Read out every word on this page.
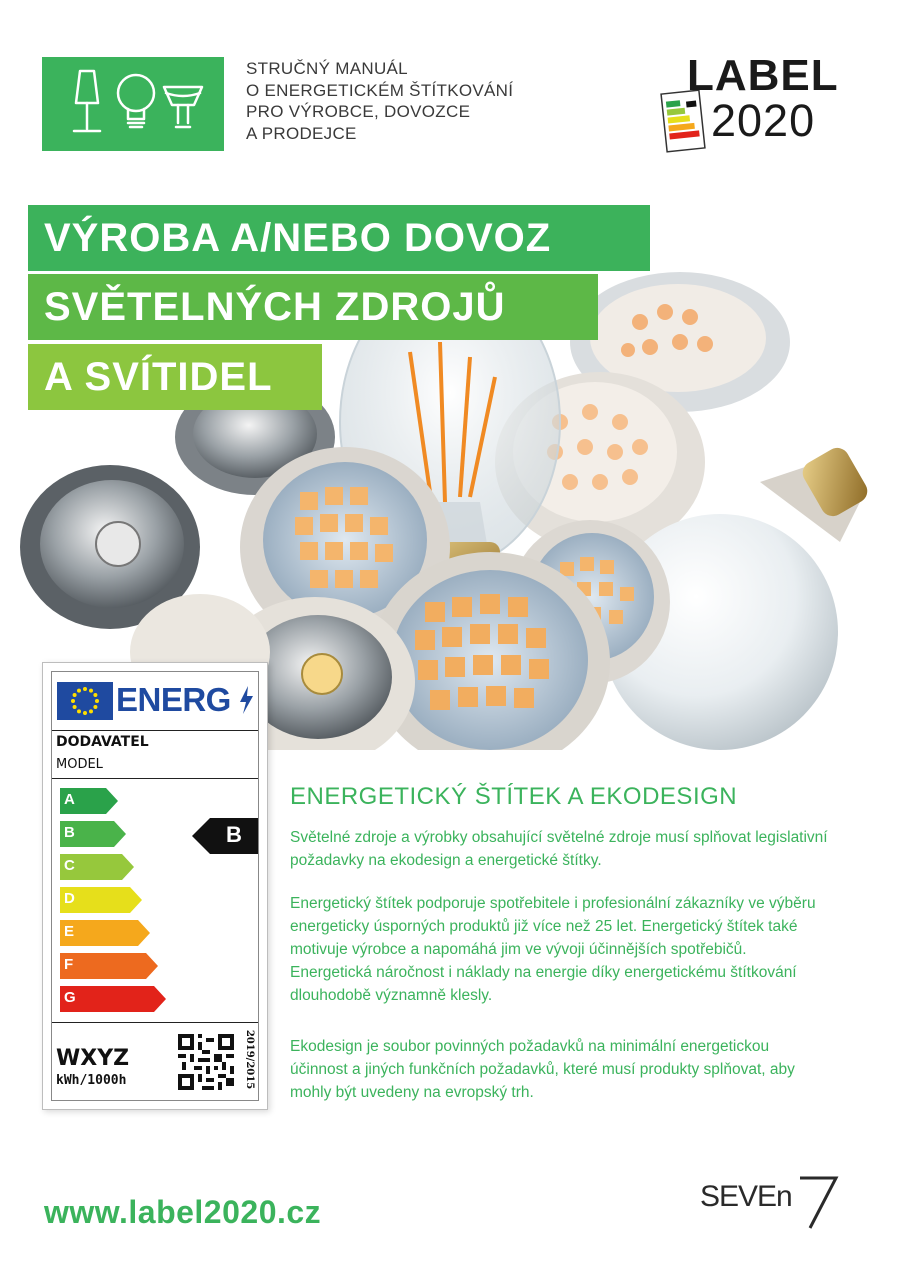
STRUČNÝ MANUÁL
O ENERGETICKÉM ŠTÍTKOVÁNÍ
PRO VÝROBCE, DOVOZCE
A PRODEJCE
LABEL
2020
VÝROBA A/NEBO DOVOZ
SVĚTELNÝCH ZDROJŮ
A SVÍTIDEL
ENERG
DODAVATEL
MODEL
A
B
C
D
E
F
G
B
WXYZ
kWh/1000h	2019/2015
ENERGETICKÝ ŠTÍTEK A EKODESIGN

Světelné zdroje a výrobky obsahující světelné zdroje musí splňovat legislativní požadavky na ekodesign a energetické štítky.

Energetický štítek podporuje spotřebitele i profesionální zákazníky ve výběru energeticky úsporných produktů již více než 25 let. Energetický štítek také motivuje výrobce a napomáhá jim ve vývoji účinnějších spotřebičů. Energetická náročnost i náklady na energie díky energetickému štítkování dlouhodobě významně klesly.

Ekodesign je soubor povinných požadavků na minimální energetickou účinnost a jiných funkčních požadavků, které musí produkty splňovat, aby mohly být uvedeny na evropský trh.

www.label2020.cz	SEVEn
